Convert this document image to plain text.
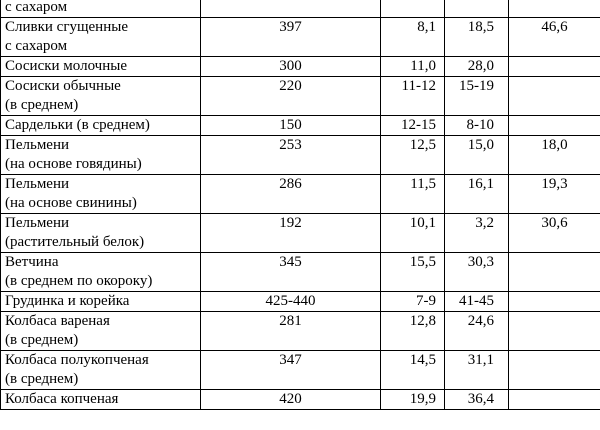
с сахаром				
Сливки сгущенные
с сахаром	397	8,1	18,5	46,6
Сосиски молочные	300	11,0	28,0	
Сосиски обычные
(в среднем)	220	11-12	15-19	
Сардельки (в среднем)	150	12-15	8-10	
Пельмени
(на основе говядины)	253	12,5	15,0	18,0
Пельмени
(на основе свинины)	286	11,5	16,1	19,3
Пельмени
(растительный белок)	192	10,1	3,2	30,6
Ветчина
(в среднем по окороку)	345	15,5	30,3	
Грудинка и корейка	425-440	7-9	41-45	
Колбаса вареная
(в среднем)	281	12,8	24,6	
Колбаса полукопченая
(в среднем)	347	14,5	31,1	
Колбаса копченая	420	19,9	36,4	
